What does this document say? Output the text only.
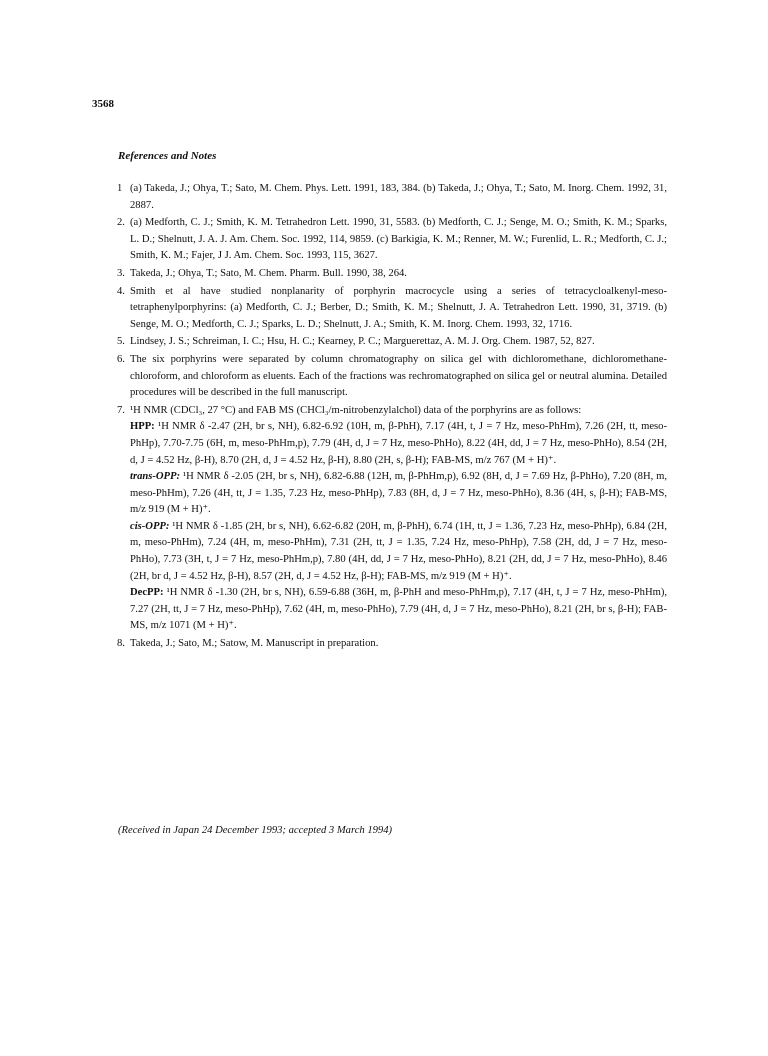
3568
References and Notes
1 (a) Takeda, J.; Ohya, T.; Sato, M. Chem. Phys. Lett. 1991, 183, 384. (b) Takeda, J.; Ohya, T.; Sato, M. Inorg. Chem. 1992, 31, 2887.
2. (a) Medforth, C. J.; Smith, K. M. Tetrahedron Lett. 1990, 31, 5583. (b) Medforth, C. J.; Senge, M. O.; Smith, K. M.; Sparks, L. D.; Shelnutt, J. A. J. Am. Chem. Soc. 1992, 114, 9859. (c) Barkigia, K. M.; Renner, M. W.; Furenlid, L. R.; Medforth, C. J.; Smith, K. M.; Fajer, J J. Am. Chem. Soc. 1993, 115, 3627.
3. Takeda, J.; Ohya, T.; Sato, M. Chem. Pharm. Bull. 1990, 38, 264.
4. Smith et al have studied nonplanarity of porphyrin macrocycle using a series of tetracycloalkenyl-meso-tetraphenylporphyrins: (a) Medforth, C. J.; Berber, D.; Smith, K. M.; Shelnutt, J. A. Tetrahedron Lett. 1990, 31, 3719. (b) Senge, M. O.; Medforth, C. J.; Sparks, L. D.; Shelnutt, J. A.; Smith, K. M. Inorg. Chem. 1993, 32, 1716.
5. Lindsey, J. S.; Schreiman, I. C.; Hsu, H. C.; Kearney, P. C.; Marguerettaz, A. M. J. Org. Chem. 1987, 52, 827.
6. The six porphyrins were separated by column chromatography on silica gel with dichloromethane, dichloromethane-chloroform, and chloroform as eluents. Each of the fractions was rechromatographed on silica gel or neutral alumina. Detailed procedures will be described in the full manuscript.
7. ¹H NMR (CDCl₃, 27 °C) and FAB MS (CHCl₃/m-nitrobenzylalchol) data of the porphyrins are as follows:
HPP: ¹H NMR δ -2.47 (2H, br s, NH), 6.82-6.92 (10H, m, β-PhH), 7.17 (4H, t, J = 7 Hz, meso-PhHm), 7.26 (2H, tt, meso-PhHp), 7.70-7.75 (6H, m, meso-PhHm,p), 7.79 (4H, d, J = 7 Hz, meso-PhHo), 8.22 (4H, dd, J = 7 Hz, meso-PhHo), 8.54 (2H, d, J = 4.52 Hz, β-H), 8.70 (2H, d, J = 4.52 Hz, β-H), 8.80 (2H, s, β-H); FAB-MS, m/z 767 (M + H)⁺.
trans-OPP: ¹H NMR δ -2.05 (2H, br s, NH), 6.82-6.88 (12H, m, β-PhHm,p), 6.92 (8H, d, J = 7.69 Hz, β-PhHo), 7.20 (8H, m, meso-PhHm), 7.26 (4H, tt, J = 1.35, 7.23 Hz, meso-PhHp), 7.83 (8H, d, J = 7 Hz, meso-PhHo), 8.36 (4H, s, β-H); FAB-MS, m/z 919 (M + H)⁺.
cis-OPP: ¹H NMR δ -1.85 (2H, br s, NH), 6.62-6.82 (20H, m, β-PhH), 6.74 (1H, tt, J = 1.36, 7.23 Hz, meso-PhHp), 6.84 (2H, m, meso-PhHm), 7.24 (4H, m, meso-PhHm), 7.31 (2H, tt, J = 1.35, 7.24 Hz, meso-PhHp), 7.58 (2H, dd, J = 7 Hz, meso-PhHo), 7.73 (3H, t, J = 7 Hz, meso-PhHm,p), 7.80 (4H, dd, J = 7 Hz, meso-PhHo), 8.21 (2H, dd, J = 7 Hz, meso-PhHo), 8.46 (2H, br d, J = 4.52 Hz, β-H), 8.57 (2H, d, J = 4.52 Hz, β-H); FAB-MS, m/z 919 (M + H)⁺.
DecPP: ¹H NMR δ -1.30 (2H, br s, NH), 6.59-6.88 (36H, m, β-PhH and meso-PhHm,p), 7.17 (4H, t, J = 7 Hz, meso-PhHm), 7.27 (2H, tt, J = 7 Hz, meso-PhHp), 7.62 (4H, m, meso-PhHo), 7.79 (4H, d, J = 7 Hz, meso-PhHo), 8.21 (2H, br s, β-H); FAB-MS, m/z 1071 (M + H)⁺.
8. Takeda, J.; Sato, M.; Satow, M. Manuscript in preparation.
(Received in Japan 24 December 1993; accepted 3 March 1994)
